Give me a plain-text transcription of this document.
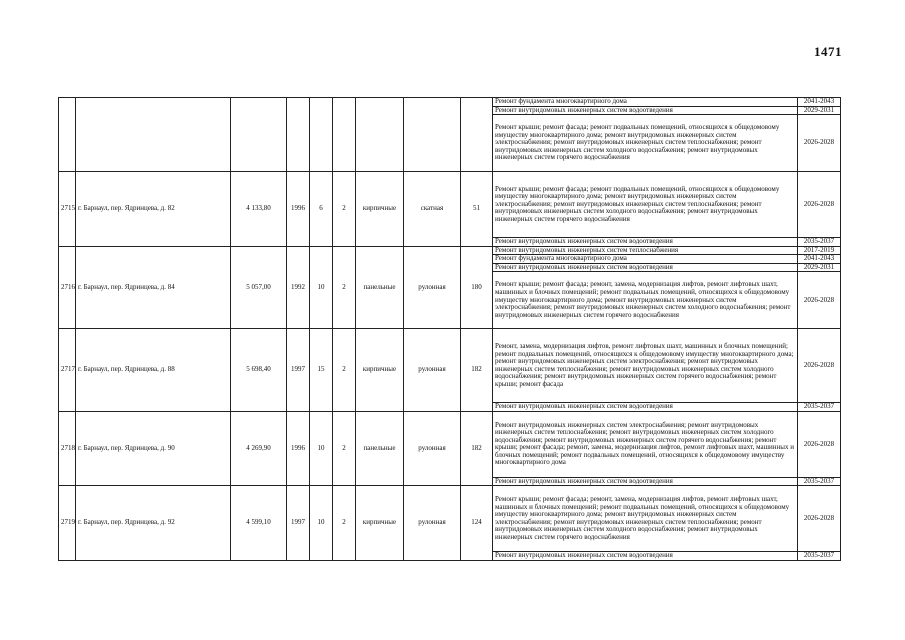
1471
									Ремонт фундамента многоквартирного дома	2041-2043
									Ремонт внутридомовых инженерных систем водоотведения	2029-2031
									Ремонт крыши; ремонт фасада; ремонт подвальных помещений, относящихся к общедомовому имуществу многоквартирного дома; ремонт внутридомовых инженерных систем электроснабжения; ремонт внутридомовых инженерных систем теплоснабжения; ремонт внутридомовых инженерных систем холодного водоснабжения; ремонт внутридомовых инженерных систем горячего водоснабжения	2026-2028
2715	г. Барнаул, пер. Ядринцева, д. 82	4 133,80	1996	6	2	кирпичные	скатная	51	Ремонт крыши; ремонт фасада; ремонт подвальных помещений, относящихся к общедомовому имуществу многоквартирного дома; ремонт внутридомовых инженерных систем электроснабжения; ремонт внутридомовых инженерных систем теплоснабжения; ремонт внутридомовых инженерных систем холодного водоснабжения; ремонт внутридомовых инженерных систем горячего водоснабжения	2026-2028
									Ремонт внутридомовых инженерных систем водоотведения	2035-2037
2716	г. Барнаул, пер. Ядринцева, д. 84	5 057,00	1992	10	2	панельные	рулонная	180	Ремонт внутридомовых инженерных систем теплоснабжения	2017-2019
									Ремонт фундамента многоквартирного дома	2041-2043
									Ремонт внутридомовых инженерных систем водоотведения	2029-2031
									Ремонт крыши; ремонт фасада; ремонт, замена, модернизация лифтов, ремонт лифтовых шахт, машинных и блочных помещений; ремонт подвальных помещений, относящихся к общедомовому имуществу многоквартирного дома; ремонт внутридомовых инженерных систем электроснабжения; ремонт внутридомовых инженерных систем холодного водоснабжения; ремонт внутридомовых инженерных систем горячего водоснабжения	2026-2028
2717	г. Барнаул, пер. Ядринцева, д. 88	5 698,40	1997	15	2	кирпичные	рулонная	182	Ремонт, замена, модернизация лифтов, ремонт лифтовых шахт, машинных и блочных помещений; ремонт подвальных помещений, относящихся к общедомовому имуществу многоквартирного дома; ремонт внутридомовых инженерных систем электроснабжения; ремонт внутридомовых инженерных систем теплоснабжения; ремонт внутридомовых инженерных систем холодного водоснабжения; ремонт внутридомовых инженерных систем горячего водоснабжения; ремонт крыши; ремонт фасада	2026-2028
									Ремонт внутридомовых инженерных систем водоотведения	2035-2037
2718	г. Барнаул, пер. Ядринцева, д. 90	4 269,90	1996	10	2	панельные	рулонная	182	Ремонт внутридомовых инженерных систем электроснабжения; ремонт внутридомовых инженерных систем теплоснабжения; ремонт внутридомовых инженерных систем холодного водоснабжения; ремонт внутридомовых инженерных систем горячего водоснабжения; ремонт крыши; ремонт фасада; ремонт, замена, модернизация лифтов, ремонт лифтовых шахт, машинных и блочных помещений; ремонт подвальных помещений, относящихся к общедомовому имуществу многоквартирного дома	2026-2028
									Ремонт внутридомовых инженерных систем водоотведения	2035-2037
2719	г. Барнаул, пер. Ядринцева, д. 92	4 599,10	1997	10	2	кирпичные	рулонная	124	Ремонт крыши; ремонт фасада; ремонт, замена, модернизация лифтов, ремонт лифтовых шахт, машинных и блочных помещений; ремонт подвальных помещений, относящихся к общедомовому имуществу многоквартирного дома; ремонт внутридомовых инженерных систем электроснабжения; ремонт внутридомовых инженерных систем теплоснабжения; ремонт внутридомовых инженерных систем холодного водоснабжения; ремонт внутридомовых инженерных систем горячего водоснабжения	2026-2028
									Ремонт внутридомовых инженерных систем водоотведения	2035-2037
